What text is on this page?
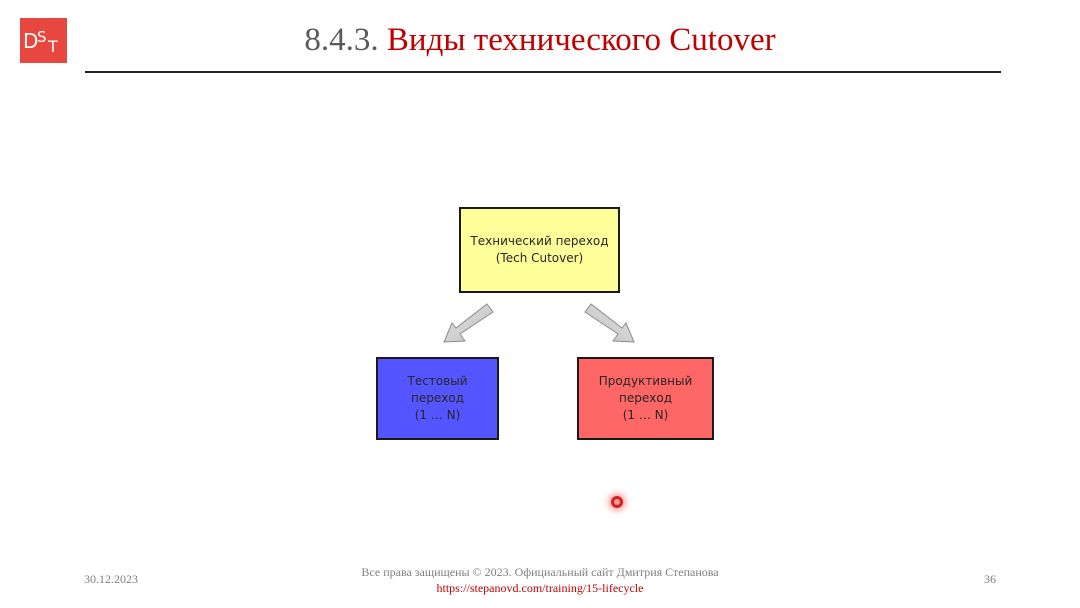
D
S T	8.4.3. Виды технического Cutover
Технический переход
(Tech Cutover)
Тестовый
переход
(1 … N)
Продуктивный
переход
(1 … N)
30.12.2023	Все права защищены © 2023. Официальный сайт Дмитрия Степанова
https://stepanovd.com/training/15-lifecycle
36
